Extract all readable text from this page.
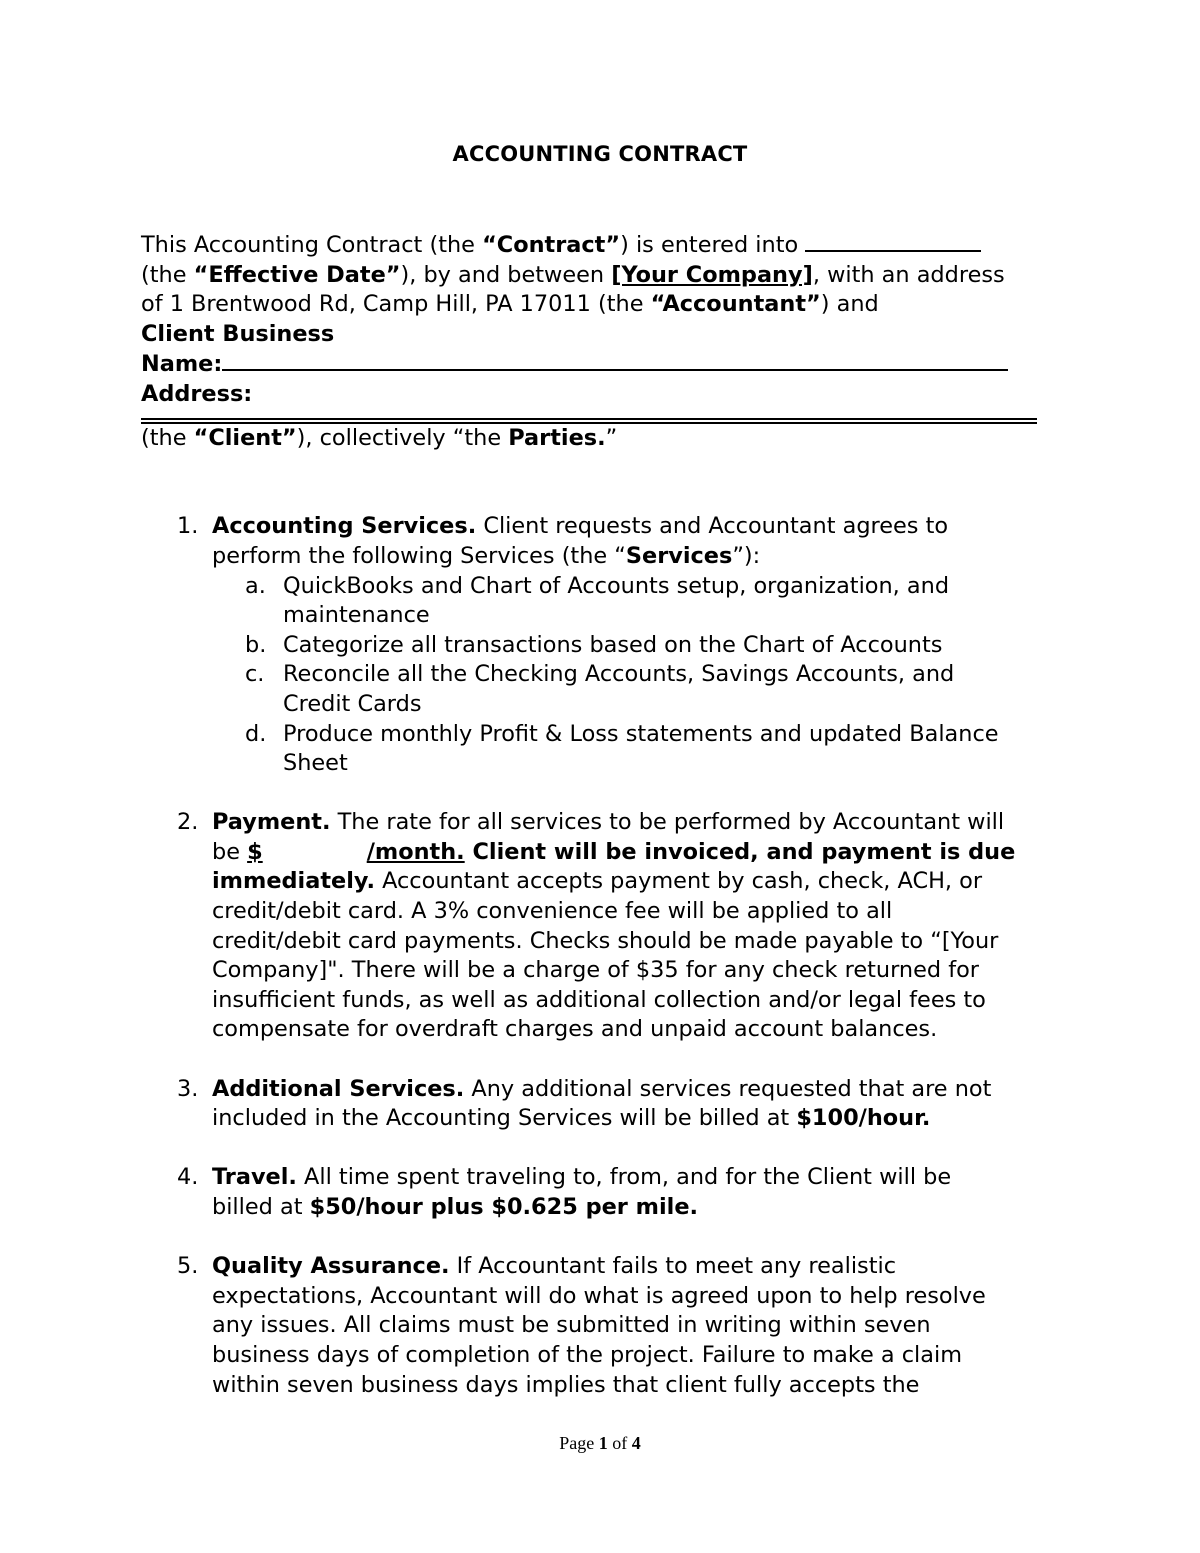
ACCOUNTING CONTRACT
This Accounting Contract (the “Contract”) is entered into
(the “Effective Date”), by and between [Your Company], with an address
of 1 Brentwood Rd, Camp Hill, PA 17011 (the “Accountant”) and
Client Business
Name:
Address:
(the “Client”), collectively “the Parties.”
1. Accounting Services. Client requests and Accountant agrees to
perform the following Services (the “Services”):
a. QuickBooks and Chart of Accounts setup, organization, and
maintenance
b. Categorize all transactions based on the Chart of Accounts
c. Reconcile all the Checking Accounts, Savings Accounts, and
Credit Cards
d. Produce monthly Profit & Loss statements and updated Balance
Sheet
2. Payment. The rate for all services to be performed by Accountant will
be $	/month. Client will be invoiced, and payment is due
immediately. Accountant accepts payment by cash, check, ACH, or
credit/debit card. A 3% convenience fee will be applied to all
credit/debit card payments. Checks should be made payable to “[Your
Company]". There will be a charge of $35 for any check returned for
insufficient funds, as well as additional collection and/or legal fees to
compensate for overdraft charges and unpaid account balances.
3. Additional Services. Any additional services requested that are not
included in the Accounting Services will be billed at $100/hour.
4. Travel. All time spent traveling to, from, and for the Client will be
billed at $50/hour plus $0.625 per mile.
5. Quality Assurance. If Accountant fails to meet any realistic
expectations, Accountant will do what is agreed upon to help resolve
any issues. All claims must be submitted in writing within seven
business days of completion of the project. Failure to make a claim
within seven business days implies that client fully accepts the
Page 1 of 4
